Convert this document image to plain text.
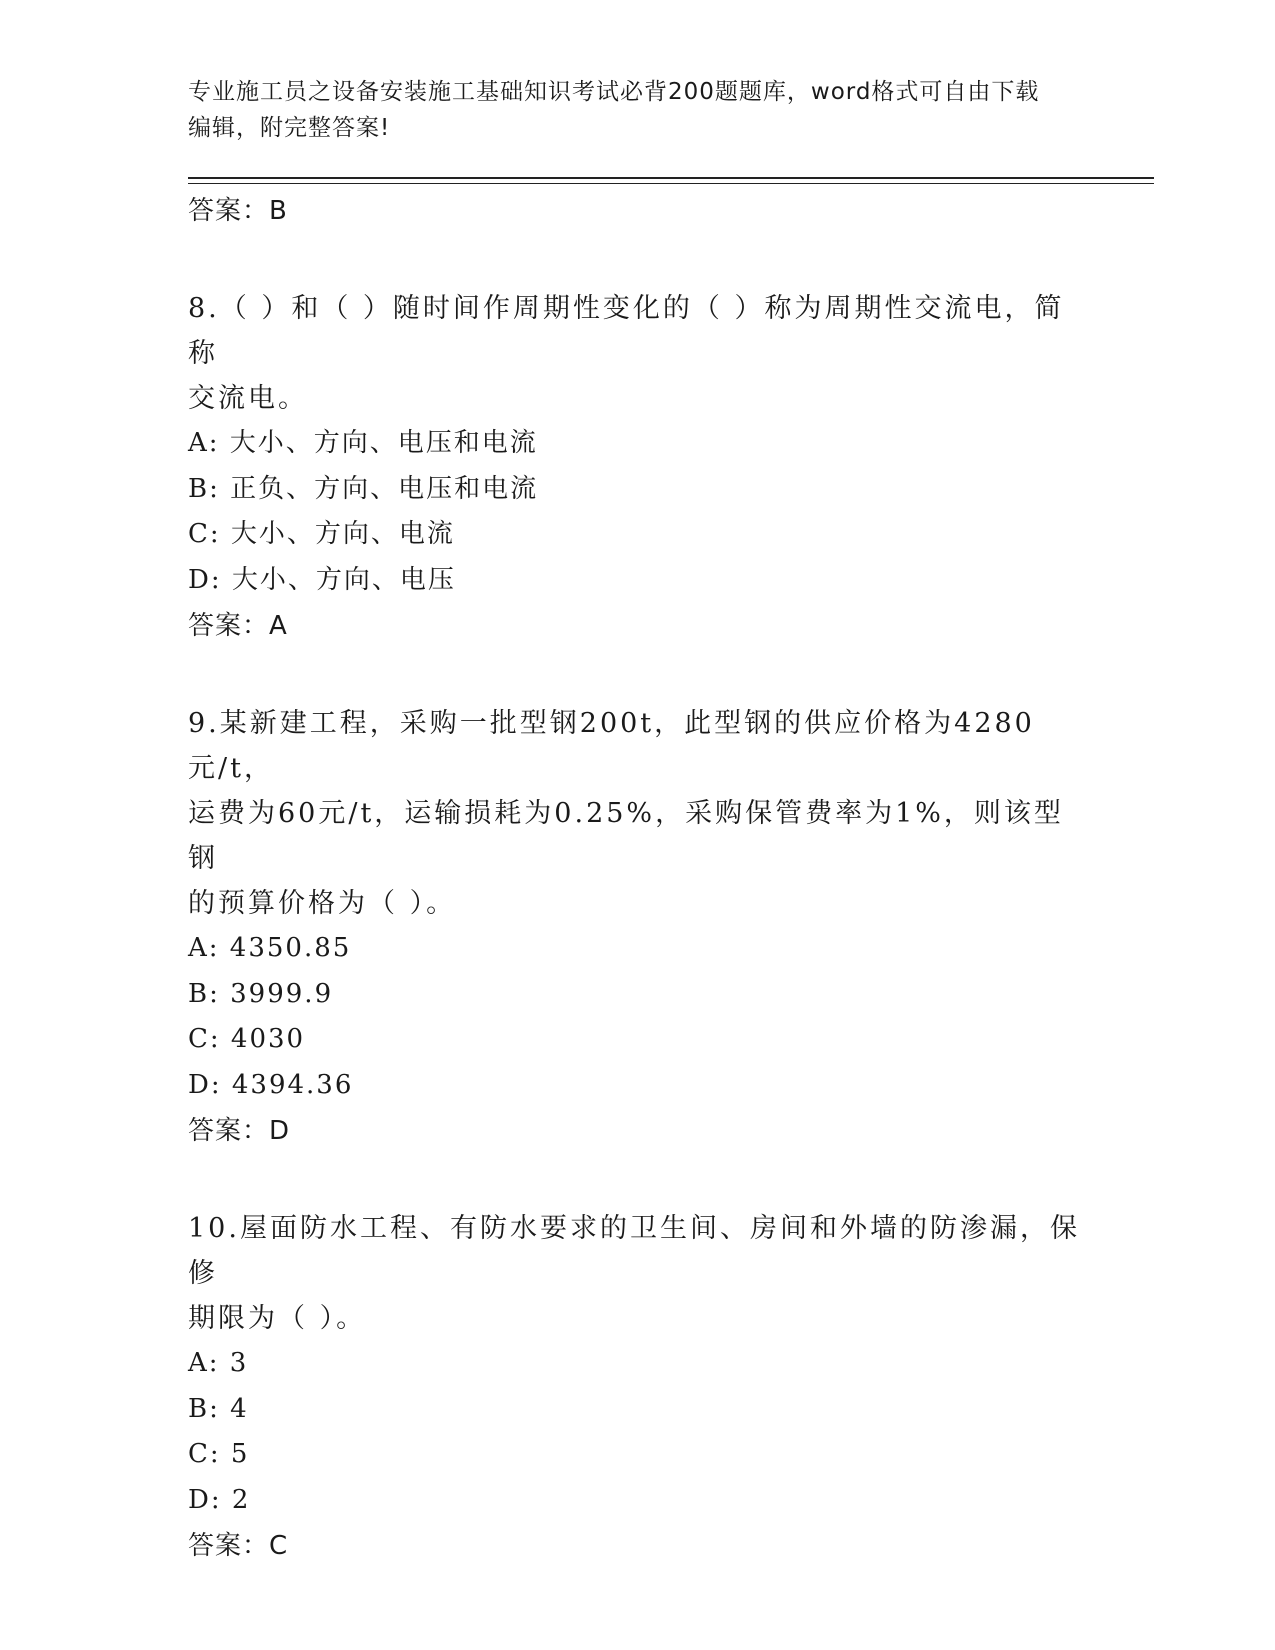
专业施工员之设备安装施工基础知识考试必背200题题库，word格式可自由下载
编辑，附完整答案!

答案：B

8.（ ）和（ ）随时间作周期性变化的（ ）称为周期性交流电，简称

交流电。

A: 大小、方向、电压和电流

B: 正负、方向、电压和电流

C: 大小、方向、电流

D: 大小、方向、电压

答案：A

9.某新建工程，采购一批型钢200t，此型钢的供应价格为4280元/t，

运费为60元/t，运输损耗为0.25%，采购保管费率为1%，则该型钢

的预算价格为（ ）。

A: 4350.85

B: 3999.9

C: 4030

D: 4394.36

答案：D

10.屋面防水工程、有防水要求的卫生间、房间和外墙的防渗漏，保修

期限为（ ）。

A: 3

B: 4

C: 5

D: 2

答案：C
